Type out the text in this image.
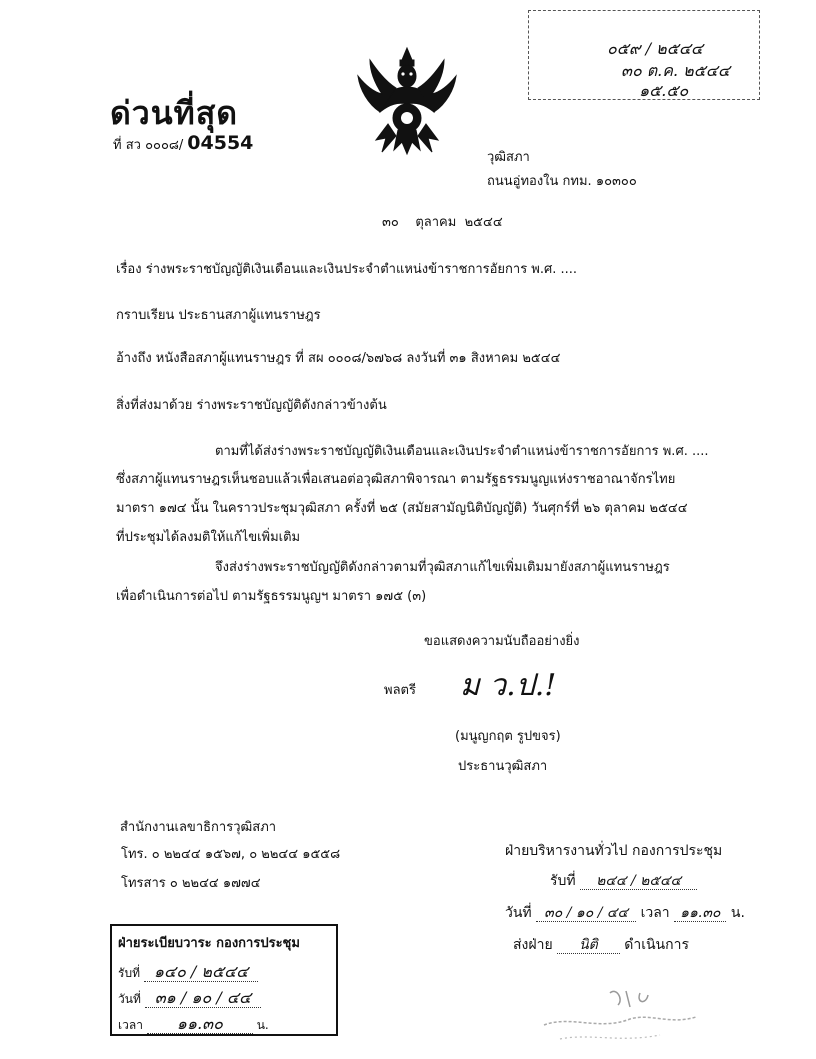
ด่วนที่สุด
ที่ สว ๐๐๐๘/ 04554
วุฒิสภา
ถนนอู่ทองใน กทม. ๑๐๓๐๐
๓๐    ตุลาคม  ๒๕๔๔
เรื่อง ร่างพระราชบัญญัติเงินเดือนและเงินประจำตำแหน่งข้าราชการอัยการ พ.ศ. ....
กราบเรียน ประธานสภาผู้แทนราษฎร
อ้างถึง หนังสือสภาผู้แทนราษฎร ที่ สผ ๐๐๐๘/๖๗๖๘ ลงวันที่ ๓๑ สิงหาคม ๒๕๔๔
สิ่งที่ส่งมาด้วย ร่างพระราชบัญญัติดังกล่าวข้างต้น
ตามที่ได้ส่งร่างพระราชบัญญัติเงินเดือนและเงินประจำตำแหน่งข้าราชการอัยการ พ.ศ. ....
ซึ่งสภาผู้แทนราษฎรเห็นชอบแล้วเพื่อเสนอต่อวุฒิสภาพิจารณา ตามรัฐธรรมนูญแห่งราชอาณาจักรไทย
มาตรา ๑๗๔ นั้น ในคราวประชุมวุฒิสภา ครั้งที่ ๒๕ (สมัยสามัญนิติบัญญัติ) วันศุกร์ที่ ๒๖ ตุลาคม ๒๕๔๔
ที่ประชุมได้ลงมติให้แก้ไขเพิ่มเติม
จึงส่งร่างพระราชบัญญัติดังกล่าวตามที่วุฒิสภาแก้ไขเพิ่มเติมมายังสภาผู้แทนราษฎร
เพื่อดำเนินการต่อไป ตามรัฐธรรมนูญฯ มาตรา ๑๗๕ (๓)
ขอแสดงความนับถืออย่างยิ่ง
พลตรี ม ว.ป.!
(มนูญกฤต รูปขจร)
ประธานวุฒิสภา
สำนักงานเลขาธิการวุฒิสภา
โทร. ๐ ๒๒๔๔ ๑๕๖๗, ๐ ๒๒๔๔ ๑๕๕๘
โทรสาร ๐ ๒๒๔๔ ๑๗๗๔
๐๕๙ / ๒๕๔๔
๓๐ ต.ค. ๒๕๔๔
๑๕.๕๐
ฝ่ายบริหารงานทั่วไป กองการประชุม
รับที่ ๒๔๔ / ๒๕๔๔
วันที่ ๓๐ / ๑๐ / ๔๔ เวลา ๑๑.๓๐ น.
ส่งฝ่าย นิติ ดำเนินการ
ฝ่ายระเบียบวาระ กองการประชุม
รับที่ ๑๔๐ / ๒๕๔๔
วันที่ ๓๑ / ๑๐ / ๔๔
เวลา ๑๑.๓๐	น.
